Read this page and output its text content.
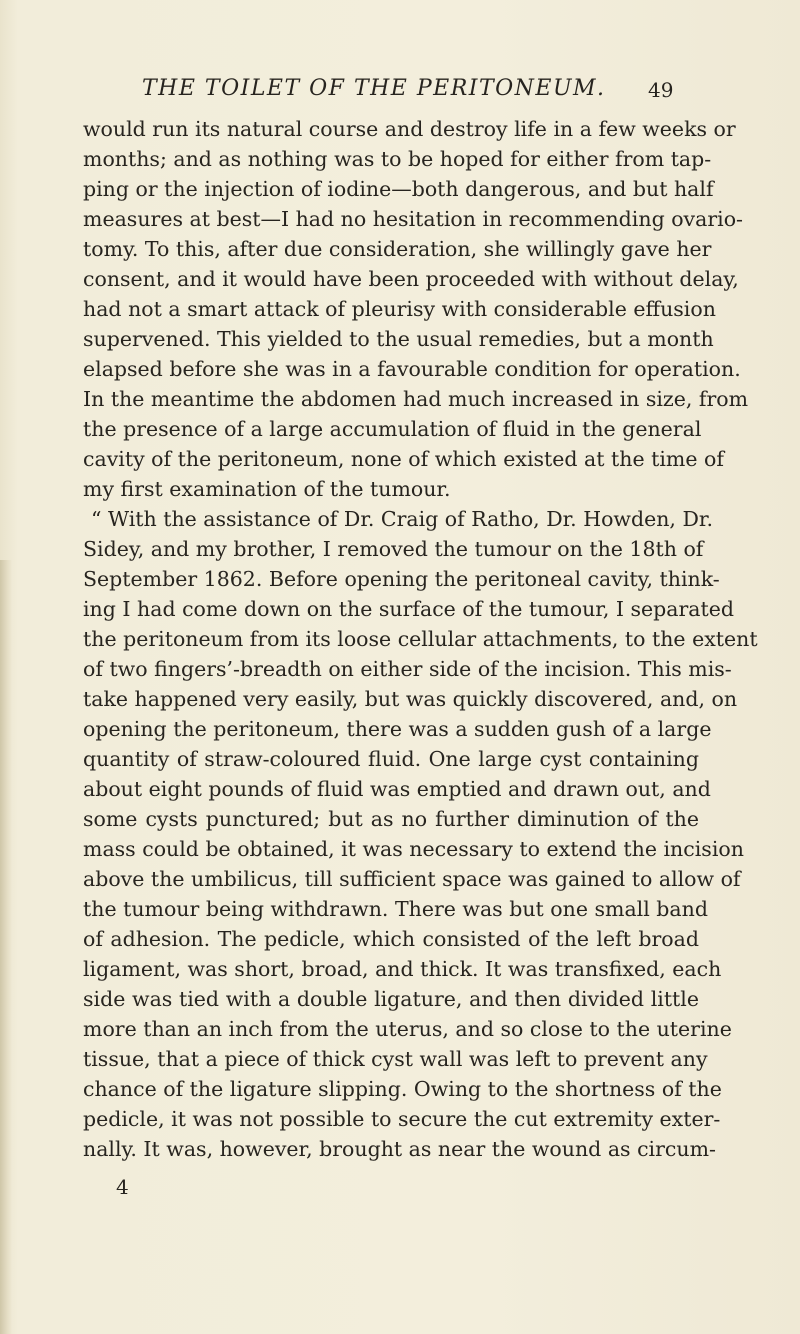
THE TOILET OF THE PERITONEUM. 49
would run its natural course and destroy life in a few weeks or
months; and as nothing was to be hoped for either from tap-
ping or the injection of iodine—both dangerous, and but half
measures at best—I had no hesitation in recommending ovario-
tomy. To this, after due consideration, she willingly gave her
consent, and it would have been proceeded with without delay,
had not a smart attack of pleurisy with considerable effusion
supervened. This yielded to the usual remedies, but a month
elapsed before she was in a favourable condition for operation.
In the meantime the abdomen had much increased in size, from
the presence of a large accumulation of fluid in the general
cavity of the peritoneum, none of which existed at the time of
my first examination of the tumour.
“ With the assistance of Dr. Craig of Ratho, Dr. Howden, Dr.
Sidey, and my brother, I removed the tumour on the 18th of
September 1862. Before opening the peritoneal cavity, think-
ing I had come down on the surface of the tumour, I separated
the peritoneum from its loose cellular attachments, to the extent
of two fingers’-breadth on either side of the incision. This mis-
take happened very easily, but was quickly discovered, and, on
opening the peritoneum, there was a sudden gush of a large
quantity of straw-coloured fluid. One large cyst containing
about eight pounds of fluid was emptied and drawn out, and
some cysts punctured; but as no further diminution of the
mass could be obtained, it was necessary to extend the incision
above the umbilicus, till sufficient space was gained to allow of
the tumour being withdrawn. There was but one small band
of adhesion. The pedicle, which consisted of the left broad
ligament, was short, broad, and thick. It was transfixed, each
side was tied with a double ligature, and then divided little
more than an inch from the uterus, and so close to the uterine
tissue, that a piece of thick cyst wall was left to prevent any
chance of the ligature slipping. Owing to the shortness of the
pedicle, it was not possible to secure the cut extremity exter-
nally. It was, however, brought as near the wound as circum-
4
